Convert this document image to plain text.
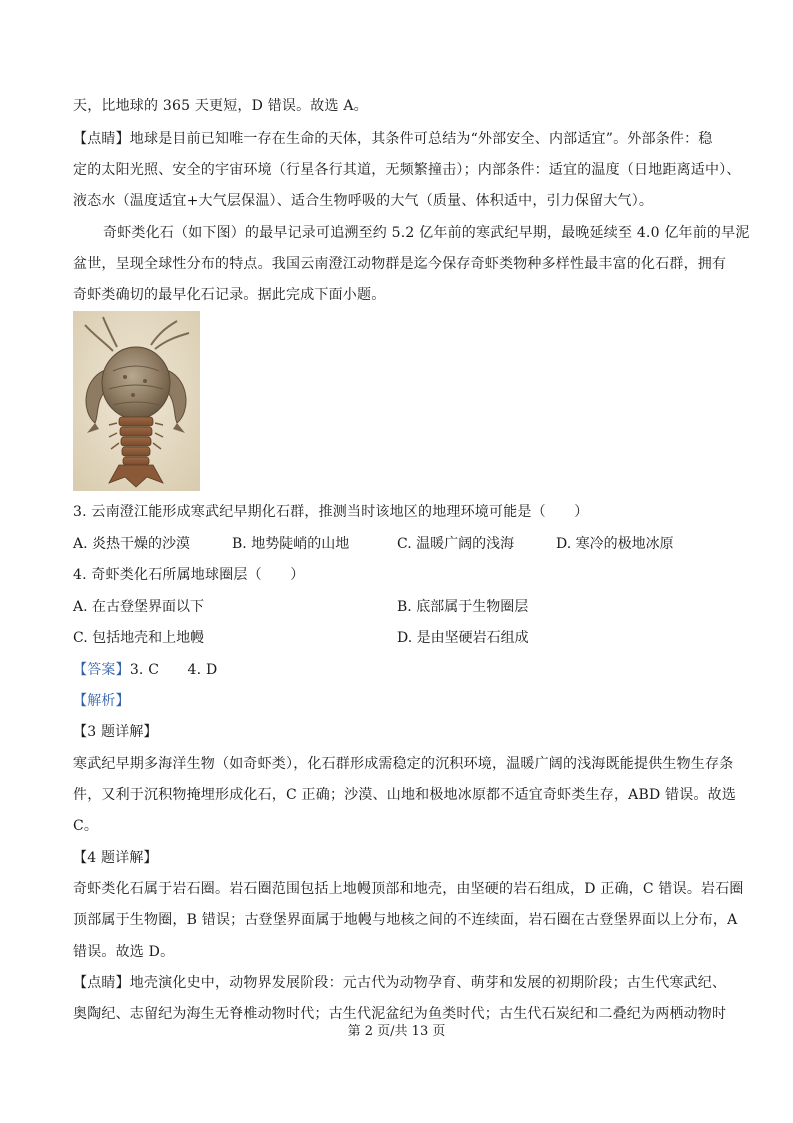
天，比地球的 365 天更短，D 错误。故选 A。
【点睛】地球是目前已知唯一存在生命的天体，其条件可总结为“外部安全、内部适宜”。外部条件：稳
定的太阳光照、安全的宇宙环境（行星各行其道，无频繁撞击）；内部条件：适宜的温度（日地距离适中）、
液态水（温度适宜+大气层保温）、适合生物呼吸的大气（质量、体积适中，引力保留大气）。
奇虾类化石（如下图）的最早记录可追溯至约 5.2 亿年前的寒武纪早期，最晚延续至 4.0 亿年前的早泥
盆世，呈现全球性分布的特点。我国云南澄江动物群是迄今保存奇虾类物种多样性最丰富的化石群，拥有
奇虾类确切的最早化石记录。据此完成下面小题。
3. 云南澄江能形成寒武纪早期化石群，推测当时该地区的地理环境可能是（　　）
A. 炎热干燥的沙漠	B. 地势陡峭的山地	C. 温暖广阔的浅海	D. 寒冷的极地冰原
4. 奇虾类化石所属地球圈层（　　）
A. 在古登堡界面以下	B. 底部属于生物圈层
C. 包括地壳和上地幔	D. 是由坚硬岩石组成
【答案】3. C　　4. D
【解析】
【3 题详解】
寒武纪早期多海洋生物（如奇虾类），化石群形成需稳定的沉积环境，温暖广阔的浅海既能提供生物生存条
件，又利于沉积物掩埋形成化石，C 正确；沙漠、山地和极地冰原都不适宜奇虾类生存，ABD 错误。故选
C。
【4 题详解】
奇虾类化石属于岩石圈。岩石圈范围包括上地幔顶部和地壳，由坚硬的岩石组成，D 正确，C 错误。岩石圈
顶部属于生物圈，B 错误；古登堡界面属于地幔与地核之间的不连续面，岩石圈在古登堡界面以上分布，A
错误。故选 D。
【点睛】地壳演化史中，动物界发展阶段：元古代为动物孕育、萌芽和发展的初期阶段；古生代寒武纪、
奥陶纪、志留纪为海生无脊椎动物时代；古生代泥盆纪为鱼类时代；古生代石炭纪和二叠纪为两栖动物时
第 2 页/共 13 页
